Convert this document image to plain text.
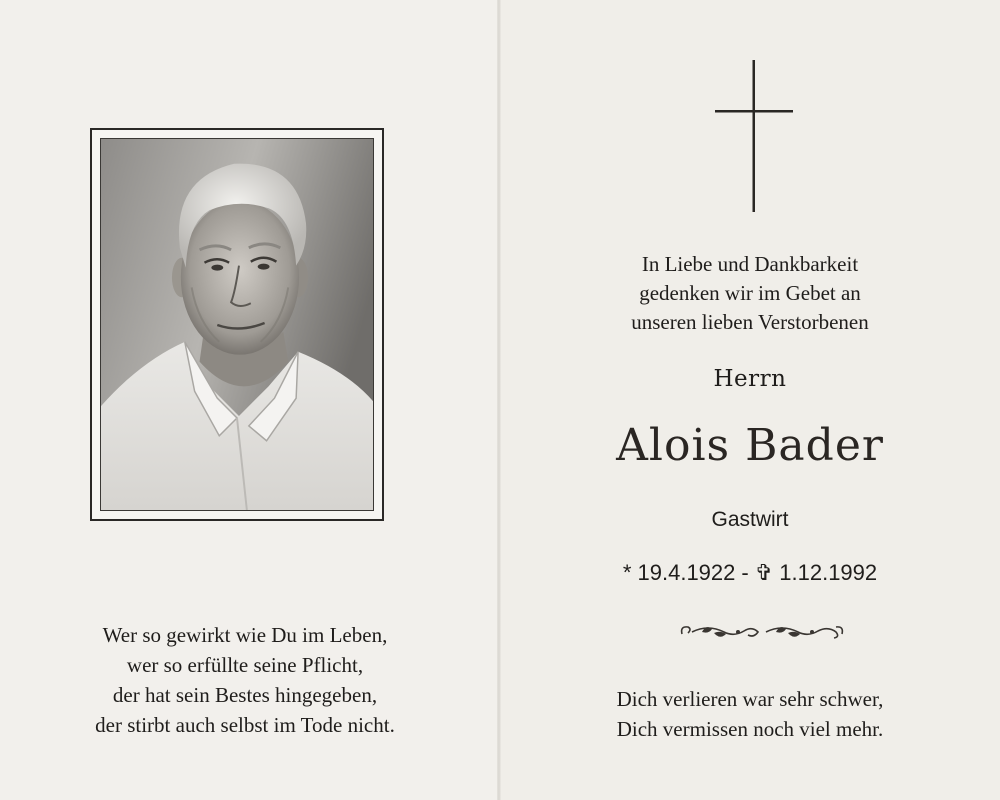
Wer so gewirkt wie Du im Leben,
wer so erfüllte seine Pflicht,
der hat sein Bestes hingegeben,
der stirbt auch selbst im Tode nicht.
In Liebe und Dankbarkeit
gedenken wir im Gebet an
unseren lieben Verstorbenen
Herrn
Alois Bader
Gastwirt
* 19.4.1922 - ✞ 1.12.1992
Dich verlieren war sehr schwer,
Dich vermissen noch viel mehr.
